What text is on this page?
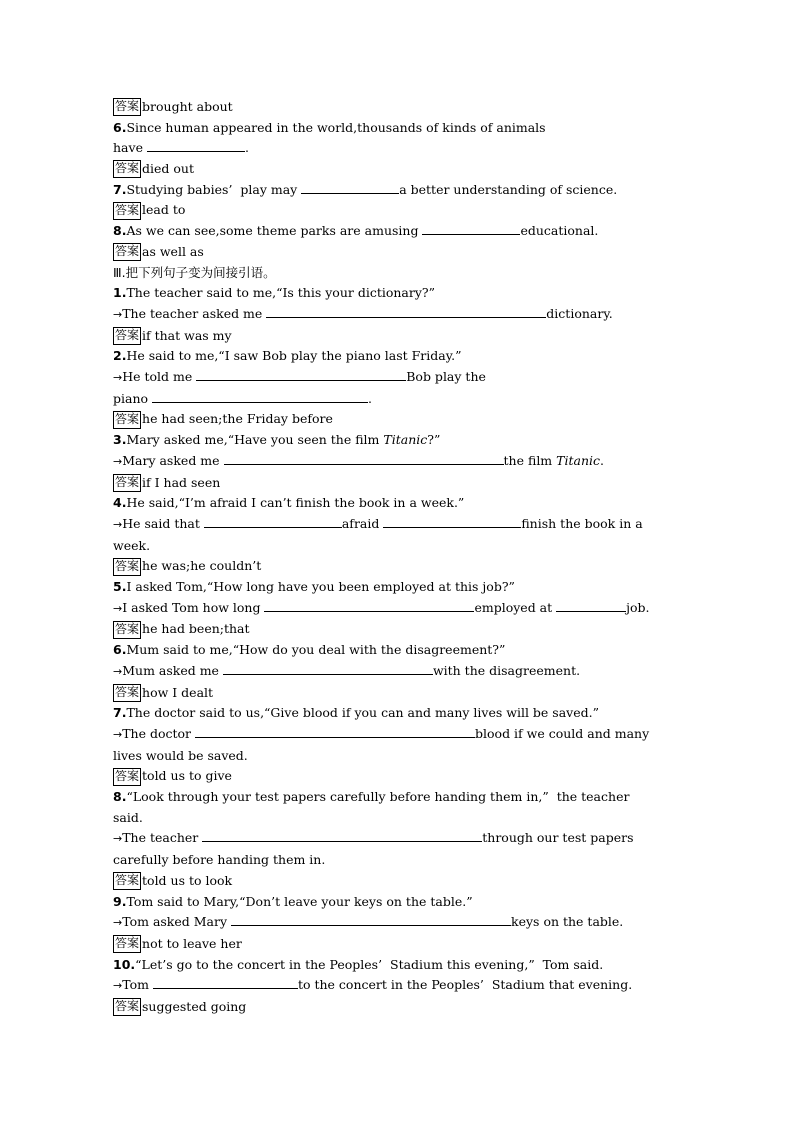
答案 brought about
6.Since human appeared in the world,thousands of kinds of animals
have	.
答案 died out
7.Studying babies’  play may	a better understanding of science.
答案 lead to
8.As we can see,some theme parks are amusing	educational.
答案 as well as
Ⅲ.把下列句子变为间接引语。
1.The teacher said to me,“Is this your dictionary?”
→The teacher asked me	dictionary.
答案 if that was my
2.He said to me,“I saw Bob play the piano last Friday.”
→He told me	Bob play the
piano	.
答案 he had seen;the Friday before
3.Mary asked me,“Have you seen the film Titanic?”
→Mary asked me	the film Titanic.
答案 if I had seen
4.He said,“I’m afraid I can’t finish the book in a week.”
→He said that	afraid	finish the book in a
week.
答案 he was;he couldn’t
5.I asked Tom,“How long have you been employed at this job?”
→I asked Tom how long	employed at	job.
答案 he had been;that
6.Mum said to me,“How do you deal with the disagreement?”
→Mum asked me	with the disagreement.
答案 how I dealt
7.The doctor said to us,“Give blood if you can and many lives will be saved.”
→The doctor	blood if we could and many
lives would be saved.
答案 told us to give
8.“Look through your test papers carefully before handing them in,”  the teacher
said.
→The teacher	through our test papers
carefully before handing them in.
答案 told us to look
9.Tom said to Mary,“Don’t leave your keys on the table.”
→Tom asked Mary	keys on the table.
答案 not to leave her
10.“Let’s go to the concert in the Peoples’  Stadium this evening,”  Tom said.
→Tom	to the concert in the Peoples’  Stadium that evening.
答案 suggested going
